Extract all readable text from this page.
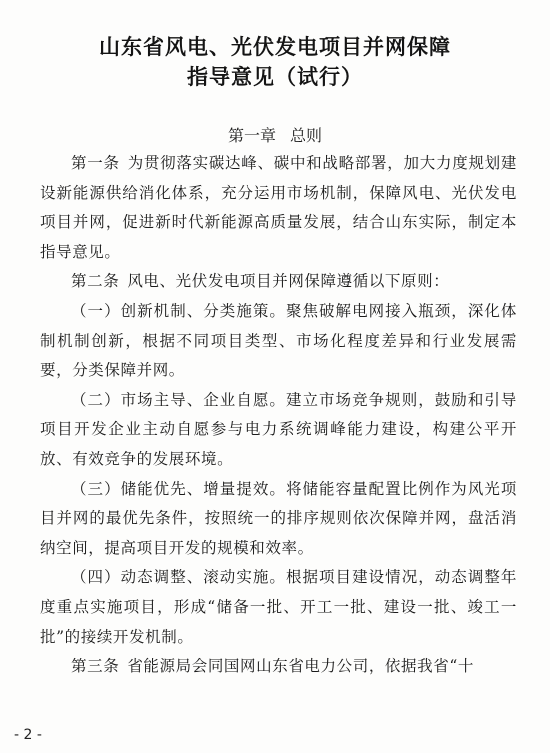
山东省风电、光伏发电项目并网保障
指导意见（试行）
第一章 总则

第一条 为贯彻落实碳达峰、碳中和战略部署，加大力度规划建设新能源供给消化体系，充分运用市场机制，保障风电、光伏发电项目并网，促进新时代新能源高质量发展，结合山东实际，制定本指导意见。

第二条 风电、光伏发电项目并网保障遵循以下原则：

（一）创新机制、分类施策。聚焦破解电网接入瓶颈，深化体制机制创新，根据不同项目类型、市场化程度差异和行业发展需要，分类保障并网。

（二）市场主导、企业自愿。建立市场竞争规则，鼓励和引导项目开发企业主动自愿参与电力系统调峰能力建设，构建公平开放、有效竞争的发展环境。

（三）储能优先、增量提效。将储能容量配置比例作为风光项目并网的最优先条件，按照统一的排序规则依次保障并网，盘活消纳空间，提高项目开发的规模和效率。

（四）动态调整、滚动实施。根据项目建设情况，动态调整年度重点实施项目，形成“储备一批、开工一批、建设一批、竣工一批”的接续开发机制。

第三条 省能源局会同国网山东省电力公司，依据我省“十

- 2 -
